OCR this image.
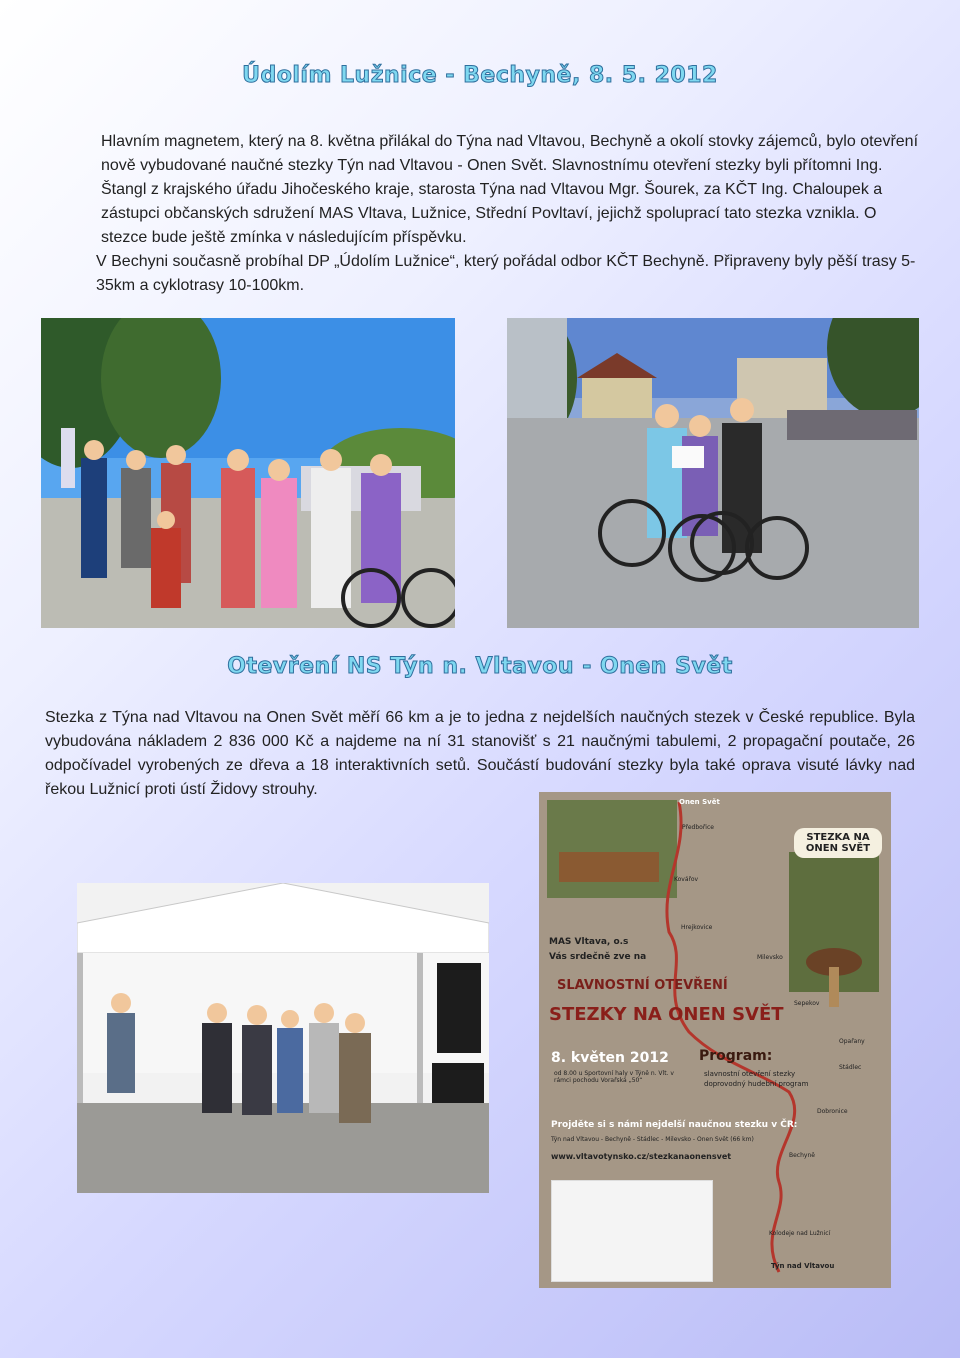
Údolím Lužnice - Bechyně, 8. 5. 2012
Hlavním magnetem, který na 8. května přilákal do Týna nad Vltavou, Bechyně a okolí stovky zájemců, bylo otevření nově vybudované naučné stezky Týn nad Vltavou - Onen Svět. Slavnostnímu otevření stezky byli přítomni Ing. Štangl z krajského úřadu Jihočeského kraje, starosta Týna nad Vltavou Mgr. Šourek, za KČT Ing. Chaloupek a zástupci občanských sdružení MAS Vltava, Lužnice, Střední Povltaví, jejichž spoluprací tato stezka vznikla. O stezce bude ještě zmínka v následujícím příspěvku.
V Bechyni současně probíhal DP „Údolím Lužnice“, který pořádal odbor KČT Bechyně. Připraveny byly pěší trasy 5-35km a cyklotrasy 10-100km.
Otevření NS Týn n. Vltavou - Onen Svět
Stezka z Týna nad Vltavou na Onen Svět měří 66 km a je to jedna z nejdelších naučných stezek v České republice. Byla vybudována nákladem 2 836 000 Kč a najdeme na ní 31 stanovišť s 21 naučnými tabulemi, 2 propagační poutače, 26 odpočívadel vyrobených ze dřeva a 18 interaktivních setů. Součástí budování stezky byla také oprava visuté lávky nad řekou Lužnicí proti ústí Židovy strouhy.
STEZKA NA ONEN SVĚT
MAS Vltava, o.s
Vás srdečně zve na
SLAVNOSTNÍ OTEVŘENÍ
STEZKY NA ONEN SVĚT
8. květen 2012 Program:
slavnostní otevření stezky
doprovodný hudební program
od 8.00 u Sportovní haly v Týně n. Vlt. v rámci pochodu Vorařská „50“
Projděte si s námi nejdelší naučnou stezku v ČR:
Týn nad Vltavou - Bechyně - Stádlec - Milevsko - Onen Svět (66 km)
www.vltavotynsko.cz/stezkanaonensvet
Onen Svět
Předbořice
Kovářov
Hrejkovice
Milevsko
Sepekov
Opařany
Stádlec
Dobronice
Bechyně
Kolodeje nad Lužnicí
Týn nad Vltavou
